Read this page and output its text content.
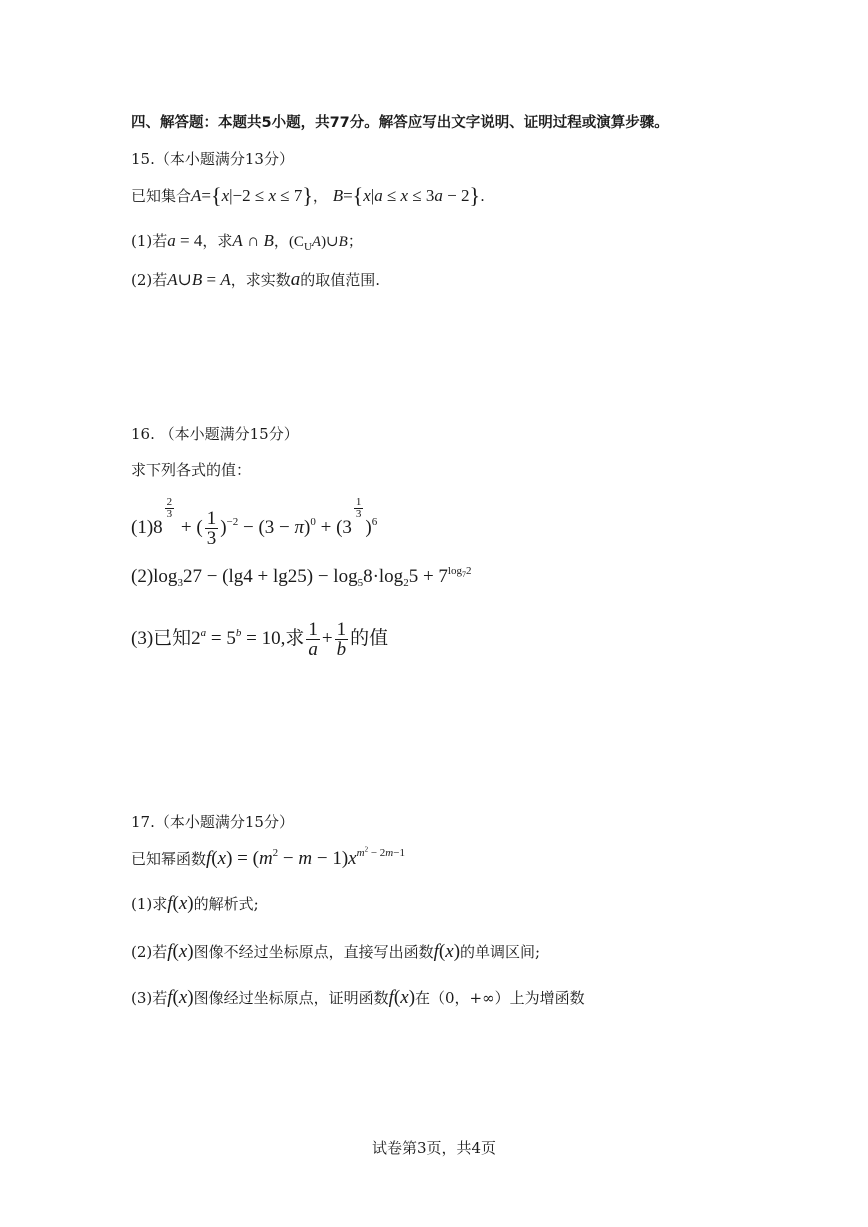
四、解答题：本题共5小题，共77分。解答应写出文字说明、证明过程或演算步骤。
15.（本小题满分13分）
已知集合A={x|−2 ≤ x ≤ 7}， B={x|a ≤ x ≤ 3a − 2}.
(1)若a = 4，求A ∩ B，$(C_UA)\cup B$；
(2)若A∪B = A，求实数a的取值范围.
16. （本小题满分15分）
求下列各式的值：
(1)8
$\frac{2}{3}$
+ ( $\frac{1}{3} )^{-2} - (3 - \pi)^0 + (3$
$\frac{1}{3}$
)$^6$
$(2)\log_327 - (\lg 4 + \lg 25) - \log_58\cdot\log_25 + 7^{log_72}$
(3)已知$2^a = 5^b = 10$,求 $\frac{1}{a} + \frac{1}{b}$ 的值
17.（本小题满分15分）
已知幂函数$f(x) = (m^2 - m - 1)x^{m^2 - 2m-1}$
(1)求f(x)的解析式;
(2)若f(x)图像不经过坐标原点，直接写出函数f(x)的单调区间;
(3)若f(x)图像经过坐标原点，证明函数f(x)在（0，+∞）上为增函数
试卷第3页，共4页
